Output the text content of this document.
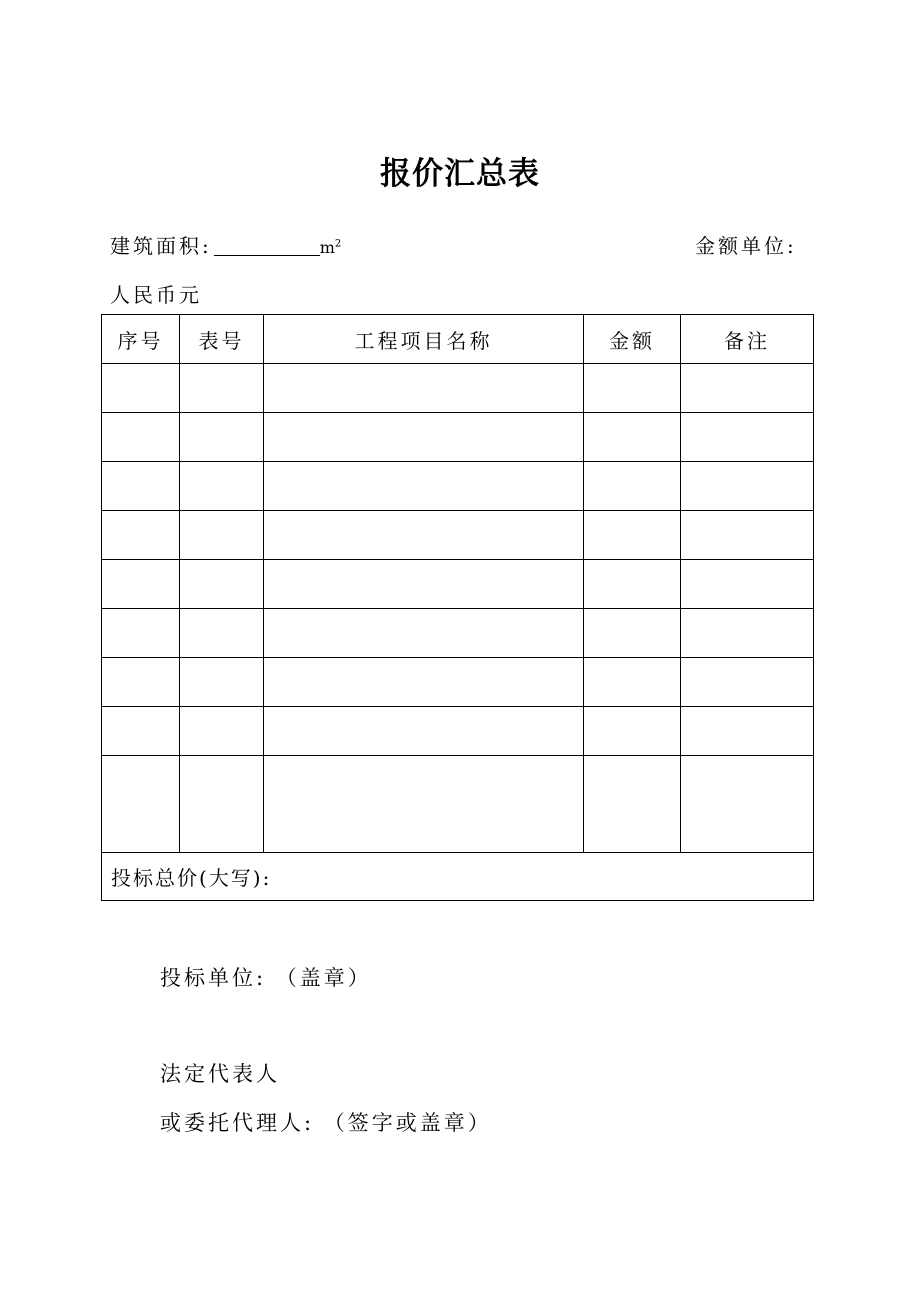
报价汇总表
建筑面积:	$m^2$	金额单位:
人民币元
序号	表号	工程项目名称	金额	备注

投标总价(大写):				
投标单位: （盖章）
法定代表人
或委托代理人: （签字或盖章）
